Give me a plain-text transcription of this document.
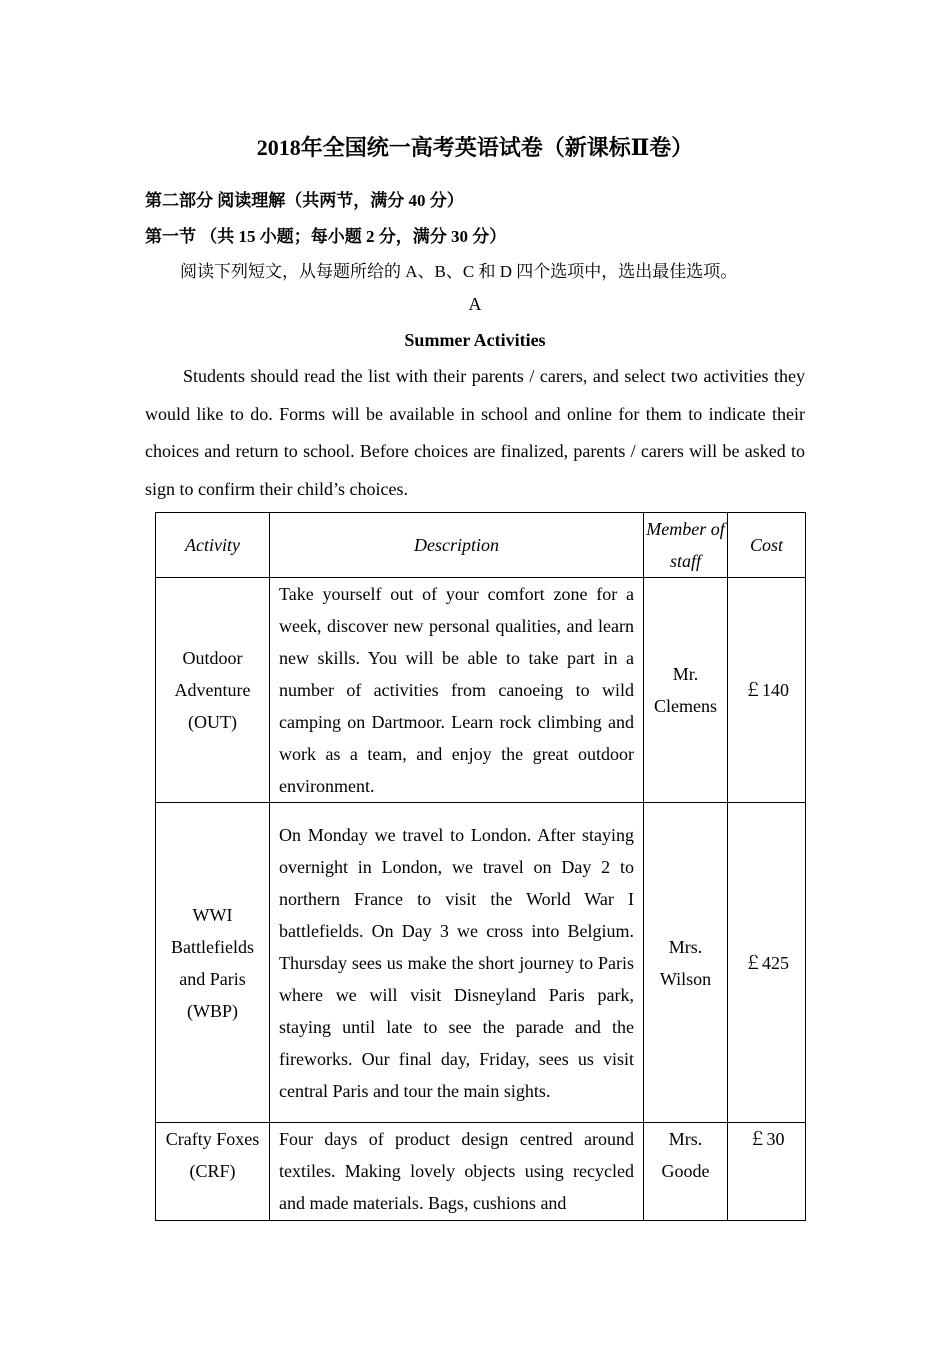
2018年全国统一高考英语试卷（新课标Ⅱ卷）
第二部分 阅读理解（共两节，满分 40 分）
第一节 （共 15 小题；每小题 2 分，满分 30 分）
阅读下列短文，从每题所给的 A、B、C 和 D 四个选项中，选出最佳选项。
A
Summer Activities

Students should read the list with their parents / carers, and select two activities they would like to do. Forms will be available in school and online for them to indicate their choices and return to school. Before choices are finalized, parents / carers will be asked to sign to confirm their child’s choices.

Activity	Description	Member of staff	Cost
Outdoor Adventure (OUT)	Take yourself out of your comfort zone for a week, discover new personal qualities, and learn new skills. You will be able to take part in a number of activities from canoeing to wild camping on Dartmoor. Learn rock climbing and work as a team, and enjoy the great outdoor environment.	Mr. Clemens	￡140
WWI Battlefields and Paris (WBP)	On Monday we travel to London. After staying overnight in London, we travel on Day 2 to northern France to visit the World War I battlefields. On Day 3 we cross into Belgium. Thursday sees us make the short journey to Paris where we will visit Disneyland Paris park, staying until late to see the parade and the fireworks. Our final day, Friday, sees us visit central Paris and tour the main sights.	Mrs. Wilson	￡425
Crafty Foxes (CRF)	Four days of product design centred around textiles. Making lovely objects using recycled and made materials. Bags, cushions and	Mrs. Goode	￡30
